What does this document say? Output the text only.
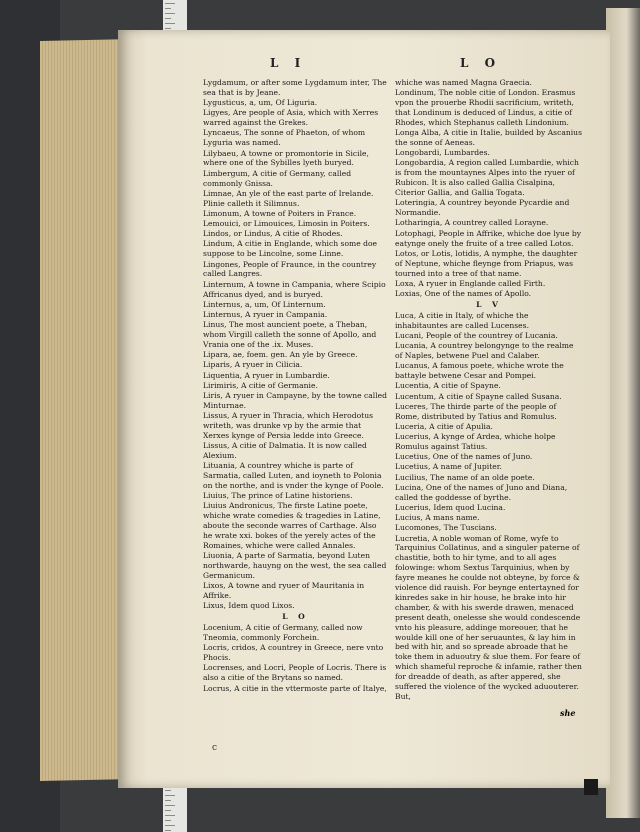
L I	L O
Lygdamum, or after some Lygdamum inter, The sea that is by Jeane.
Lygusticus, a, um, Of Liguria.
Ligyes, Are people of Asia, which with Xerres warred against the Grekes.
Lyncaeus, The sonne of Phaeton, of whom Lyguria was named.
Lilybaeu, A towne or promontorie in Sicile, where one of the Sybilles lyeth buryed.
Limbergum, A citie of Germany, called commonly Gnissa.
Limnae, An yle of the east parte of Irelande. Plinie calleth it Silimnus.
Limonum, A towne of Poiters in France.
Lemouici, or Limouices, Limosin in Poiters.
Lindos, or Lindus, A citie of Rhodes.
Lindum, A citie in Englande, which some doe suppose to be Lincolne, some Linne.
Lingones, People of Fraunce, in the countrey called Langres.
Linternum, A towne in Campania, where Scipio Affricanus dyed, and is buryed.
Linternus, a, um, Of Linternum.
Linternus, A ryuer in Campania.
Linus, The most auncient poete, a Theban, whom Virgill calleth the sonne of Apollo, and Vrania one of the .ix. Muses.
Lipara, ae, foem. gen. An yle by Greece.
Liparis, A ryuer in Cilicia.
Liquentia, A ryuer in Lumbardie.
Lirimiris, A citie of Germanie.
Liris, A ryuer in Campayne, by the towne called Minturnae.
Lissus, A ryuer in Thracia, which Herodotus writeth, was drunke vp by the armie that Xerxes kynge of Persia ledde into Greece.
Lissus, A citie of Dalmatia. It is now called Alexium.
Lituania, A countrey whiche is parte of Sarmatia, called Luten, and ioyneth to Polonia on the northe, and is vnder the kynge of Poole.
Liuius, The prince of Latine historiens.
Liuius Andronicus, The firste Latine poete, whiche wrate comedies & tragedies in Latine, aboute the seconde warres of Carthage. Also he wrate xxi. bokes of the yerely actes of the Romaines, whiche were called Annales.
Liuonia, A parte of Sarmatia, beyond Luten northwarde, hauyng on the west, the sea called Germanicum.
Lixos, A towne and ryuer of Mauritania in Affrike.
Lixus, Idem quod Lixos.
L O
Locenium, A citie of Germany, called now Tneomia, commonly Forchein.
Locris, cridos, A countrey in Greece, nere vnto Phocis.
Locrenses, and Locri, People of Locris. There is also a citie of the Brytans so named.
Locrus, A citie in the vttermoste parte of Italye,
whiche was named Magna Graecia.
Londinum, The noble citie of London. Erasmus vpon the prouerbe Rhodii sacrificium, writeth, that Londinum is deduced of Lindus, a citie of Rhodes, which Stephanus calleth Lindonium.
Longa Alba, A citie in Italie, builded by Ascanius the sonne of Aeneas.
Longobardi, Lumbardes.
Longobardia, A region called Lumbardie, which is from the mountaynes Alpes into the ryuer of Rubicon. It is also called Gallia Cisalpina, Citerior Gallia, and Gallia Togata.
Loteringia, A countrey beyonde Pycardie and Normandie.
Lotharingia, A countrey called Lorayne.
Lotophagi, People in Affrike, whiche doe lyue by eatynge onely the fruite of a tree called Lotos.
Lotos, or Lotis, lotidis, A nymphe, the daughter of Neptune, whiche fleynge from Priapus, was tourned into a tree of that name.
Loxa, A ryuer in Englande called Firth.
Loxias, One of the names of Apollo.
L V
Luca, A citie in Italy, of whiche the inhabitauntes are called Lucenses.
Lucani, People of the countrey of Lucania.
Lucania, A countrey belongynge to the realme of Naples, betwene Puel and Calaber.
Lucanus, A famous poete, whiche wrote the battayle betwene Cesar and Pompei.
Lucentia, A citie of Spayne.
Lucentum, A citie of Spayne called Susana.
Luceres, The thirde parte of the people of Rome, distributed by Tatius and Romulus.
Luceria, A citie of Apulia.
Lucerius, A kynge of Ardea, whiche holpe Romulus against Tatius.
Lucetius, One of the names of Juno.
Lucetius, A name of Jupiter.
Lucilius, The name of an olde poete.
Lucina, One of the names of Juno and Diana, called the goddesse of byrthe.
Lucerius, Idem quod Lucina.
Lucius, A mans name.
Lucomones, The Tuscians.
Lucretia, A noble woman of Rome, wyfe to Tarquinius Collatinus, and a singuler paterne of chastitie, both to hir tyme, and to all ages folowinge: whom Sextus Tarquinius, when by fayre meanes he coulde not obteyne, by force & violence did rauish. For beynge entertayned for kinredes sake in hir house, he brake into hir chamber, & with his swerde drawen, menaced present death, onelesse she would condescende vnto his pleasure, addinge moreouer, that he woulde kill one of her seruauntes, & lay him in bed with hir, and so spreade abroade that he toke them in aduoutry & slue them. For feare of which shameful reproche & infamie, rather then for dreadde of death, as after appered, she suffered the violence of the wycked aduouterer. But,
she
c
